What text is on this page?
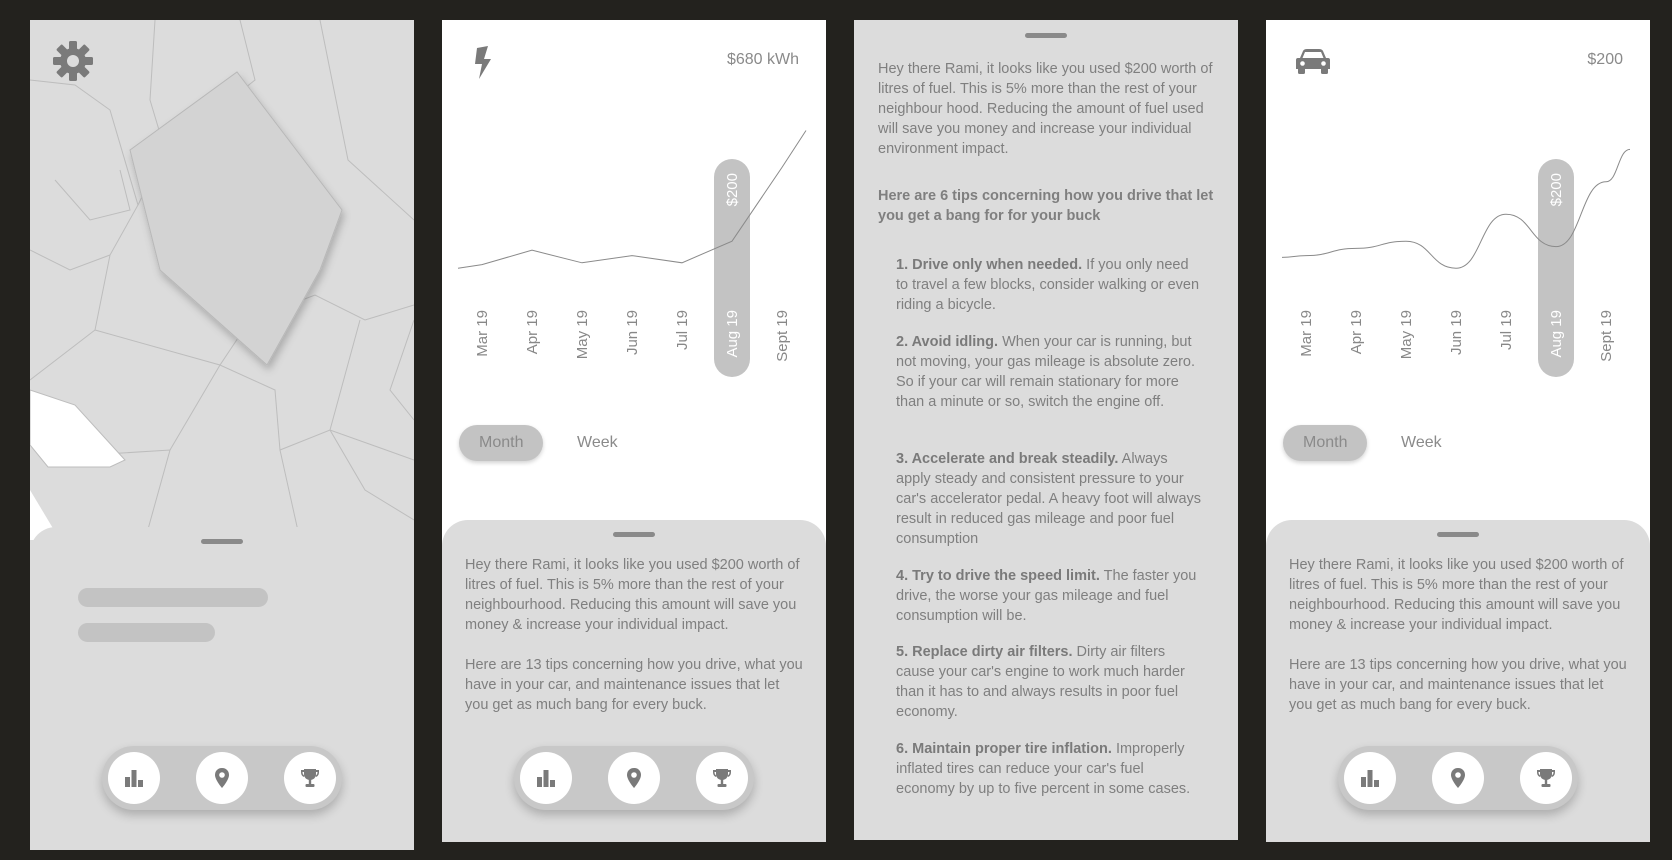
$680 kWh
Mar 19 Apr 19 May 19 Jun 19 Jul 19 Aug 19 Sept 19
$200
Month	Week

Hey there Rami, it looks like you used $200 worth of litres of fuel. This is 5% more than the rest of your neighbourhood. Reducing this amount will save you money & increase your individual impact.

Here are 13 tips concerning how you drive, what you have in your car, and maintenance issues that let you get as much bang for every buck.

Hey there Rami, it looks like you used $200 worth of litres of fuel. This is 5% more than the rest of your neighbour hood. Reducing the amount of fuel used will save you money and increase your individual environment impact.

Here are 6 tips concerning how you drive that let you get a bang for for your buck

1. Drive only when needed. If you only need to travel a few blocks, consider walking or even riding a bicycle.
2. Avoid idling. When your car is running, but not moving, your gas mileage is absolute zero. So if your car will remain stationary for more than a minute or so, switch the engine off.
3. Accelerate and break steadily. Always apply steady and consistent pressure to your car's accelerator pedal. A heavy foot will always result in reduced gas mileage and poor fuel consumption
4. Try to drive the speed limit. The faster you drive, the worse your gas mileage and fuel consumption will be.
5. Replace dirty air filters. Dirty air filters cause your car's engine to work much harder than it has to and always results in poor fuel economy.
6. Maintain proper tire inflation. Improperly inflated tires can reduce your car's fuel economy by up to five percent in some cases.
$200
Mar 19 Apr 19 May 19 Jun 19 Jul 19 Aug 19 Sept 19
$200
Month	Week

Hey there Rami, it looks like you used $200 worth of litres of fuel. This is 5% more than the rest of your neighbourhood. Reducing this amount will save you money & increase your individual impact.

Here are 13 tips concerning how you drive, what you have in your car, and maintenance issues that let you get as much bang for every buck.
